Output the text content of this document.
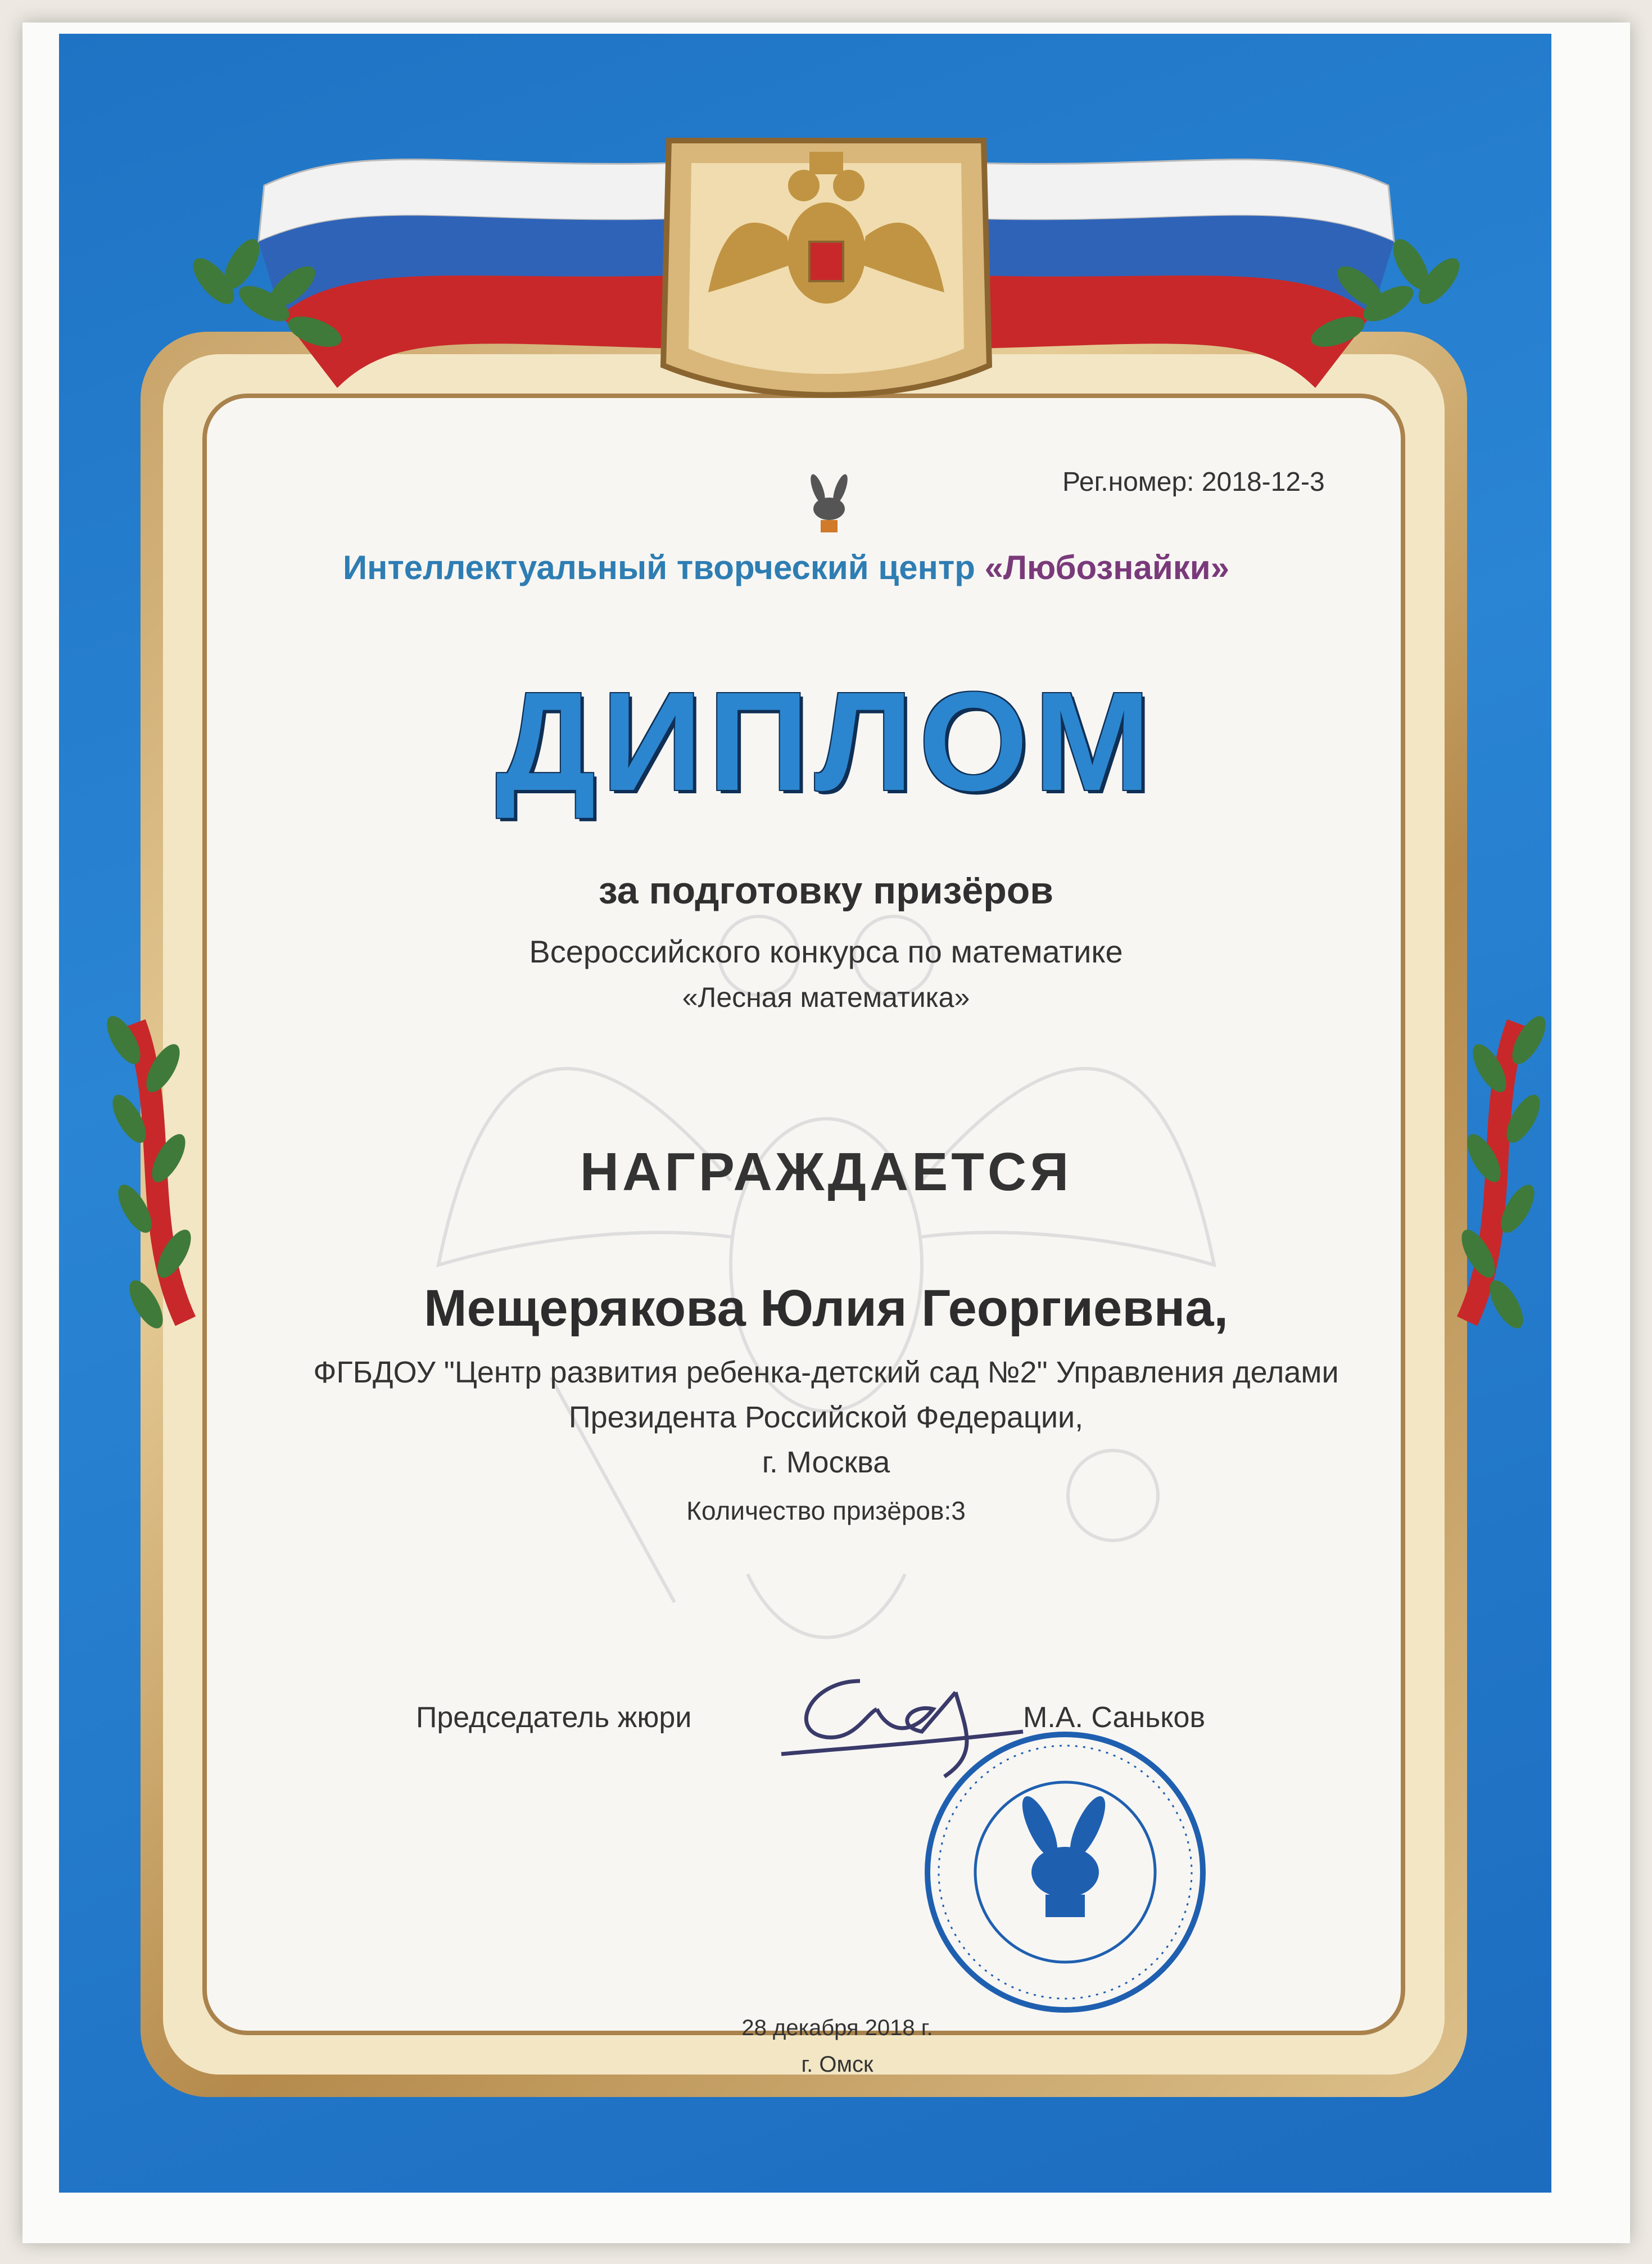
Рег.номер: 2018-12-3
Интеллектуальный творческий центр «Любознайки»
ДИПЛОМ
за подготовку призёров
Всероссийского конкурса по математике
«Лесная математика»
НАГРАЖДАЕТСЯ
Мещерякова Юлия Георгиевна,
ФГБДОУ "Центр развития ребенка-детский сад №2" Управления делами
Президента Российской Федерации,
г. Москва
Количество призёров:3
Председатель жюри	М.А. Саньков
28 декабря 2018 г.
г. Омск
